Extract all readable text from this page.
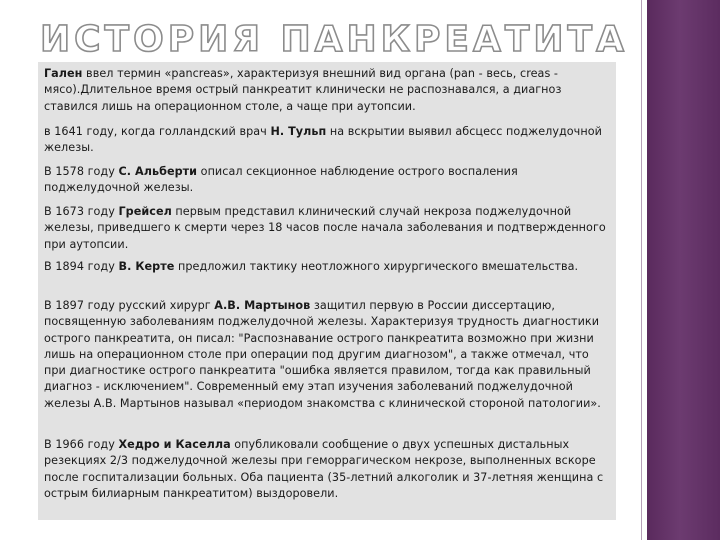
ИСТОРИЯ ПАНКРЕАТИТА

Гален ввел термин «pancreas», характеризуя внешний вид органа (pan - весь, creas - мясо).Длительное время острый панкреатит клинически не распознавался, а диагноз ставился лишь на операционном столе, а чаще при аутопсии.

в 1641 году, когда голландский врач Н. Тульп на вскрытии выявил абсцесс поджелудочной железы.

В 1578 году С. Альберти описал секционное наблюдение острого воспаления поджелудочной железы.

В 1673 году Грейсел первым представил клинический случай некроза поджелудочной железы, приведшего к смерти через 18 часов после начала заболевания и подтвержденного при аутопсии.

В 1894 году В. Керте предложил тактику неотложного хирургического вмешательства.

В 1897 году русский хирург А.В. Мартынов защитил первую в России диссертацию, посвященную заболеваниям поджелудочной железы. Характеризуя трудность диагностики острого панкреатита, он писал: "Распознавание острого панкреатита возможно при жизни лишь на операционном столе при операции под другим диагнозом", а также отмечал, что при диагностике острого панкреатита "ошибка является правилом, тогда как правильный диагноз - исключением". Современный ему этап изучения заболеваний поджелудочной железы А.В. Мартынов называл «периодом знакомства с клинической стороной патологии».

В 1966 году Хедро и Каселла опубликовали сообщение о двух успешных дистальных резекциях 2/3 поджелудочной железы при геморрагическом некрозе, выполненных вскоре после госпитализации больных. Оба пациента (35-летний алкоголик и 37-летняя женщина с острым билиарным панкреатитом) выздоровели.
